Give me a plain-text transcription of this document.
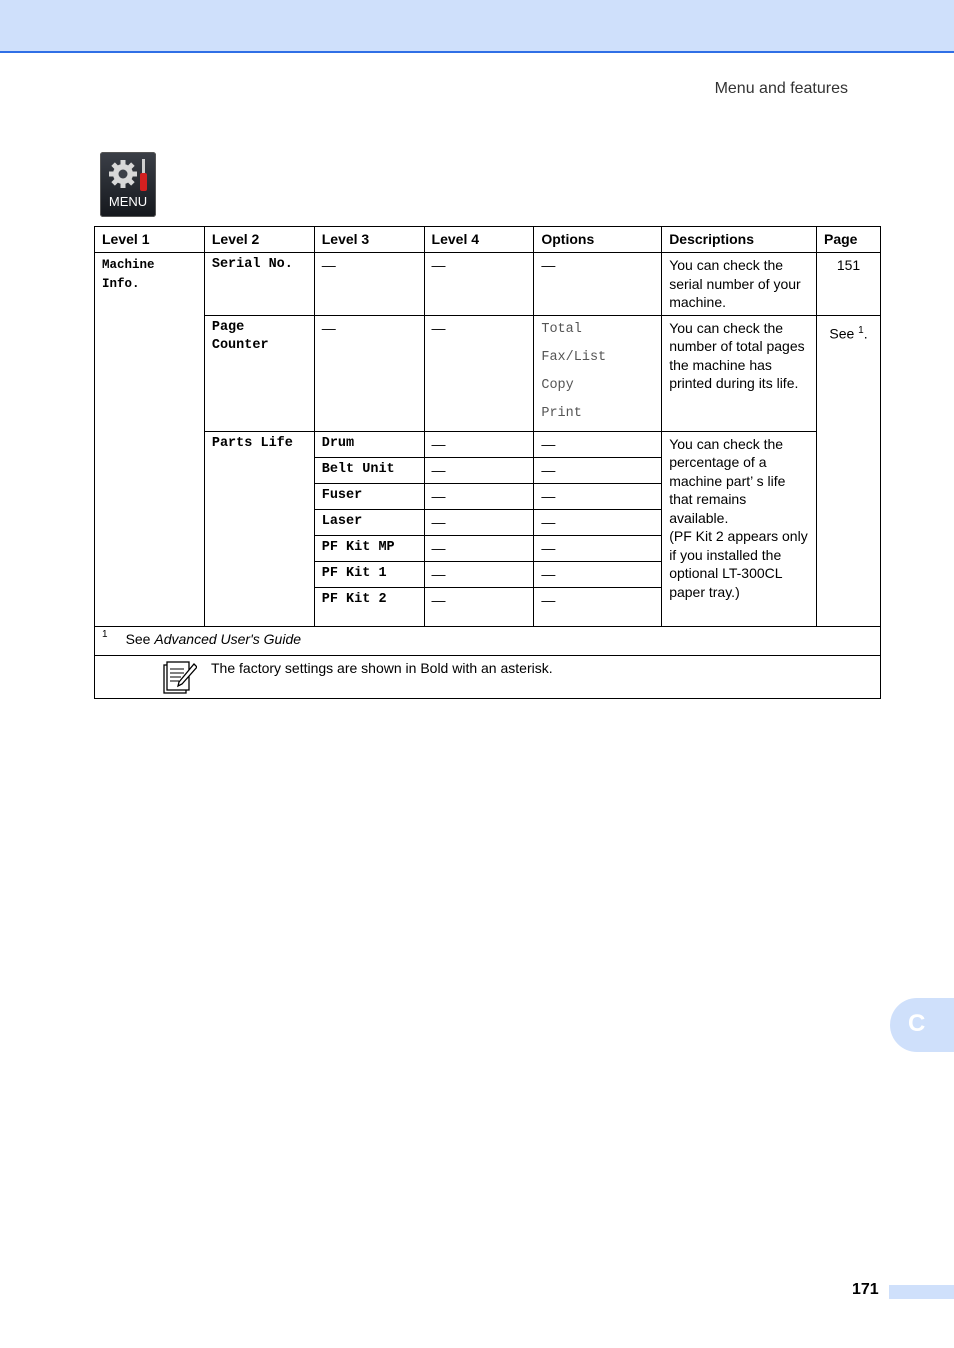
Menu and features
MENU
Level 1	Level 2	Level 3	Level 4	Options	Descriptions	Page
Machine Info.	Serial No.	—	—	—	You can check the serial number of your machine.	151
	Page Counter	—	—	Total
Fax/List
Copy
Print	You can check the number of total pages the machine has printed during its life.	See $^1$.
	Parts Life	Drum	—	—	You can check the percentage of a machine part’ s life that remains available.
(PF Kit 2 appears only if you installed the optional LT-300CL paper tray.)	

		Belt Unit	—	—		
		Fuser	—	—		
		Laser	—	—		
		PF Kit MP	—	—		
		PF Kit 1	—	—		
		PF Kit 2	—	—		
$^1$ See Advanced User's Guide						

The factory settings are shown in Bold with an asterisk.						
C
171
